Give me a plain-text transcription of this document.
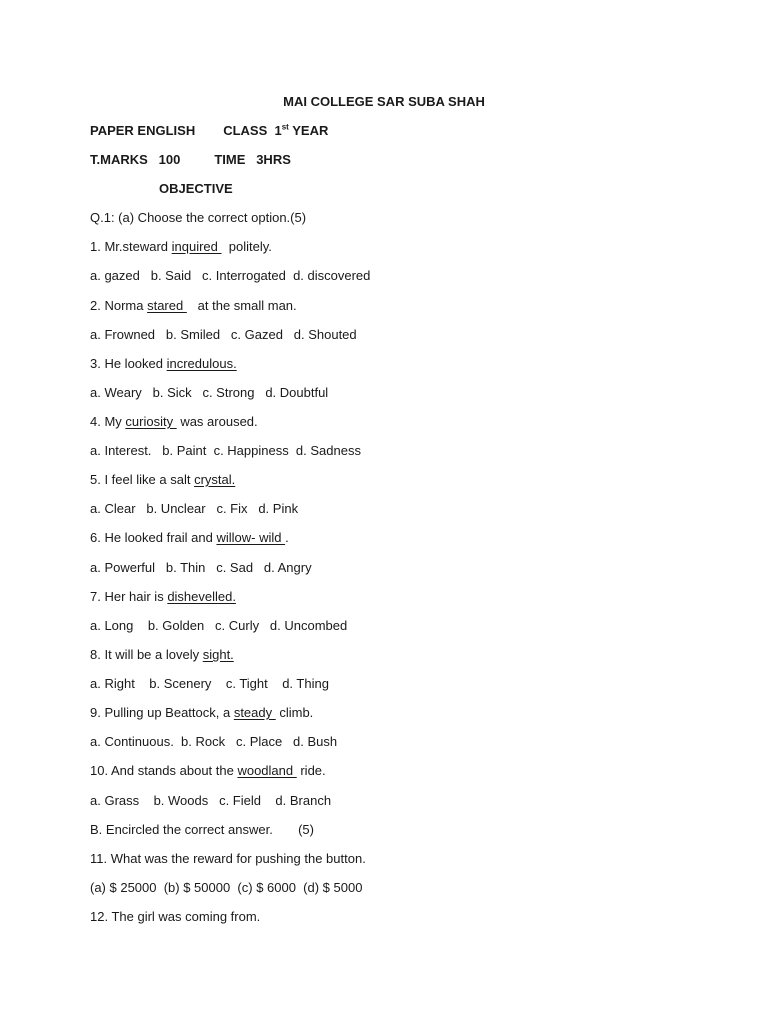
MAI COLLEGE SAR SUBA SHAH
PAPER ENGLISH CLASS  1st YEAR
T.MARKS   100	TIME   3HRS
OBJECTIVE
Q.1: (a) Choose the correct option.(5)
1. Mr.steward inquired   politely.
a. gazed   b. Said   c. Interrogated  d. discovered
2. Norma stared    at the small man.
a. Frowned   b. Smiled   c. Gazed   d. Shouted
3. He looked incredulous.
a. Weary   b. Sick   c. Strong   d. Doubtful
4. My curiosity  was aroused.
a. Interest.   b. Paint  c. Happiness  d. Sadness
5. I feel like a salt crystal.
a. Clear   b. Unclear   c. Fix   d. Pink
6. He looked frail and willow- wild .
a. Powerful   b. Thin   c. Sad   d. Angry
7. Her hair is dishevelled.
a. Long    b. Golden   c. Curly   d. Uncombed
8. It will be a lovely sight.
a. Right    b. Scenery    c. Tight    d. Thing
9. Pulling up Beattock, a steady  climb.
a. Continuous.  b. Rock   c. Place   d. Bush
10. And stands about the woodland  ride.
a. Grass    b. Woods   c. Field    d. Branch
B. Encircled the correct answer.       (5)
11. What was the reward for pushing the button.
(a) $ 25000  (b) $ 50000  (c) $ 6000  (d) $ 5000
12. The girl was coming from.
